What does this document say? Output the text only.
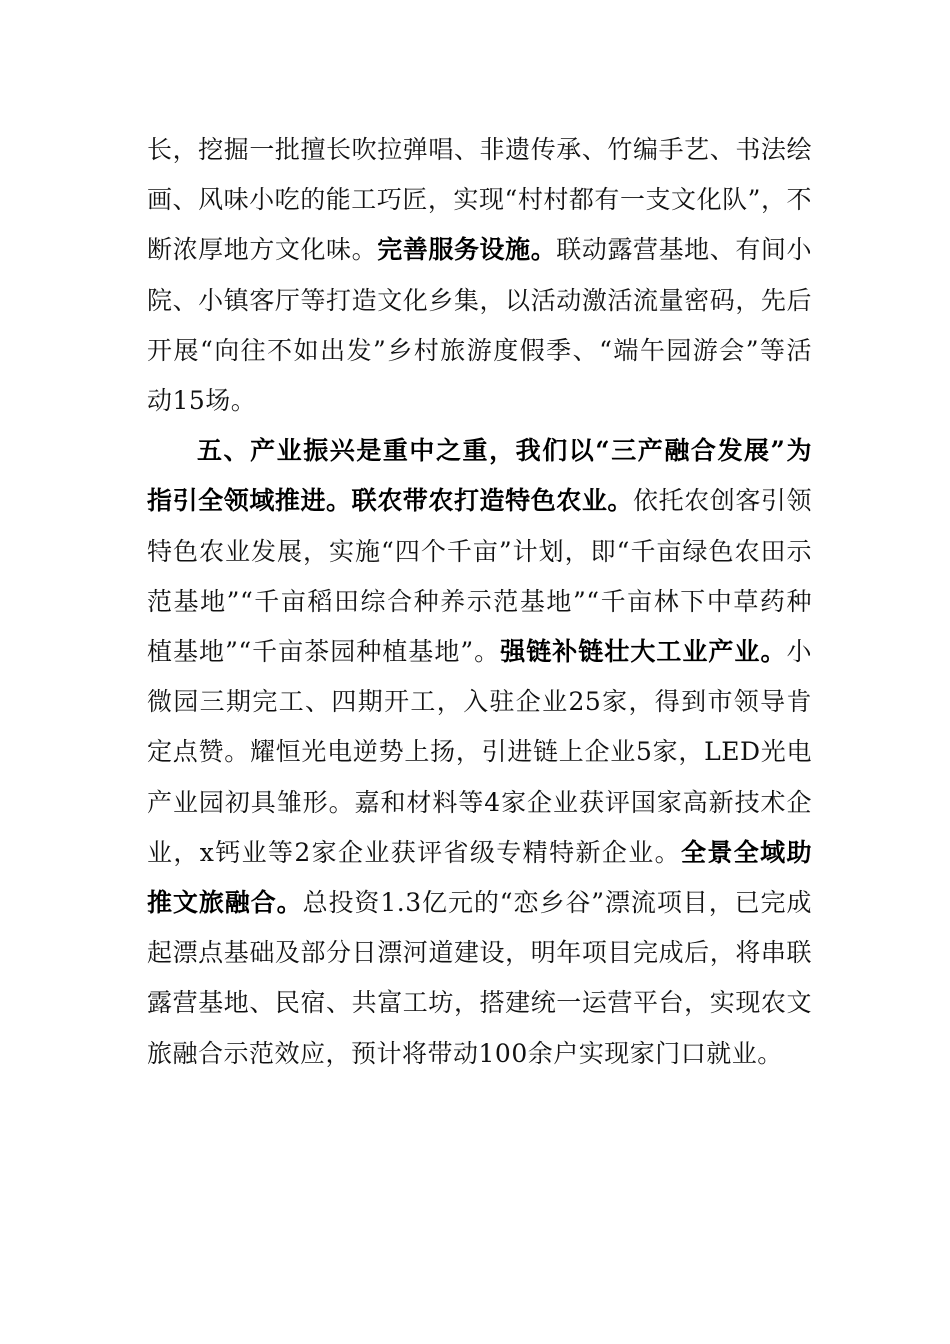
长，挖掘一批擅长吹拉弹唱、非遗传承、竹编手艺、书法绘画、风味小吃的能工巧匠，实现“村村都有一支文化队”，不断浓厚地方文化味。完善服务设施。联动露营基地、有间小院、小镇客厅等打造文化乡集，以活动激活流量密码，先后开展“向往不如出发”乡村旅游度假季、“端午园游会”等活动15场。

五、产业振兴是重中之重，我们以“三产融合发展”为指引全领域推进。联农带农打造特色农业。依托农创客引领特色农业发展，实施“四个千亩”计划，即“千亩绿色农田示范基地”“千亩稻田综合种养示范基地”“千亩林下中草药种植基地”“千亩茶园种植基地”。强链补链壮大工业产业。小微园三期完工、四期开工，入驻企业25家，得到市领导肯定点赞。耀恒光电逆势上扬，引进链上企业5家，LED光电产业园初具雏形。嘉和材料等4家企业获评国家高新技术企业，x钙业等2家企业获评省级专精特新企业。全景全域助推文旅融合。总投资1.3亿元的“恋乡谷”漂流项目，已完成起漂点基础及部分日漂河道建设，明年项目完成后，将串联露营基地、民宿、共富工坊，搭建统一运营平台，实现农文旅融合示范效应，预计将带动100余户实现家门口就业。
